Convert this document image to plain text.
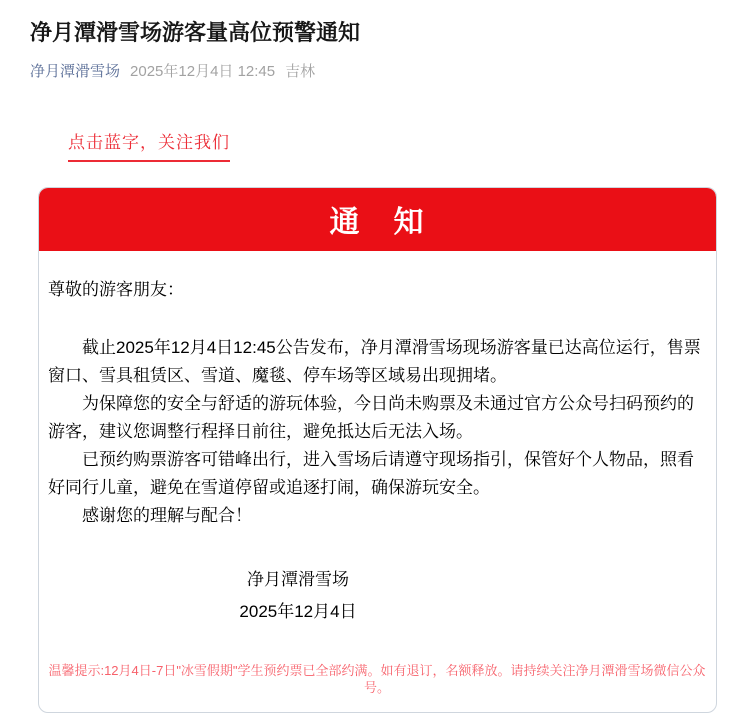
净月潭滑雪场游客量高位预警通知
净月潭滑雪场 2025年12月4日 12:45 吉林
点击蓝字，关注我们
通　知

尊敬的游客朋友：

截止2025年12月4日12:45公告发布，净月潭滑雪场现场游客量已达高位运行，售票窗口、雪具租赁区、雪道、魔毯、停车场等区域易出现拥堵。

为保障您的安全与舒适的游玩体验，今日尚未购票及未通过官方公众号扫码预约的游客，建议您调整行程择日前往，避免抵达后无法入场。

已预约购票游客可错峰出行，进入雪场后请遵守现场指引，保管好个人物品，照看好同行儿童，避免在雪道停留或追逐打闹，确保游玩安全。

感谢您的理解与配合！

净月潭滑雪场
2025年12月4日

温馨提示:12月4日-7日"冰雪假期"学生预约票已全部约满。如有退订，名额释放。请持续关注净月潭滑雪场微信公众号。
